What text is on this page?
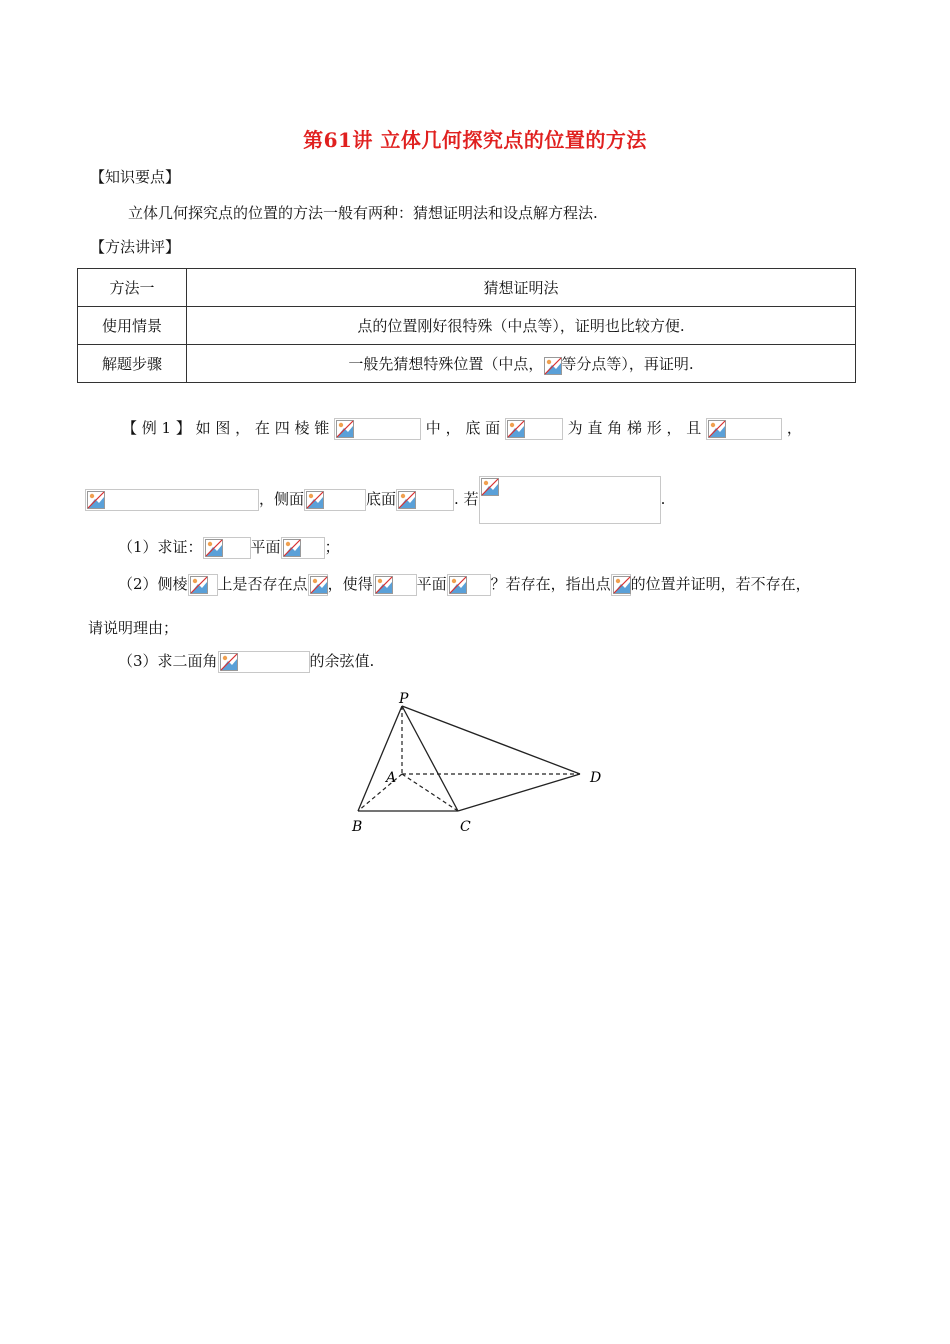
第61讲 立体几何探究点的位置的方法
【知识要点】
立体几何探究点的位置的方法一般有两种：猜想证明法和设点解方程法.
【方法讲评】
方法一	猜想证明法
使用情景	点的位置刚好很特殊（中点等），证明也比较方便.
解题步骤	一般先猜想特殊位置（中点， 等分点等），再证明.
【 例 1 】 如 图 ， 在 四 棱 锥	中 ， 底 面	为 直 角 梯 形 ， 且	，
，侧面	底面	. 若	.
（1）求证：	平面	；
（2）侧棱 上是否存在点 ，使得	平面	？若存在，指出点 的位置并证明，若不存在，
请说明理由；
（3）求二面角	的余弦值.
P
A
B	C
D
